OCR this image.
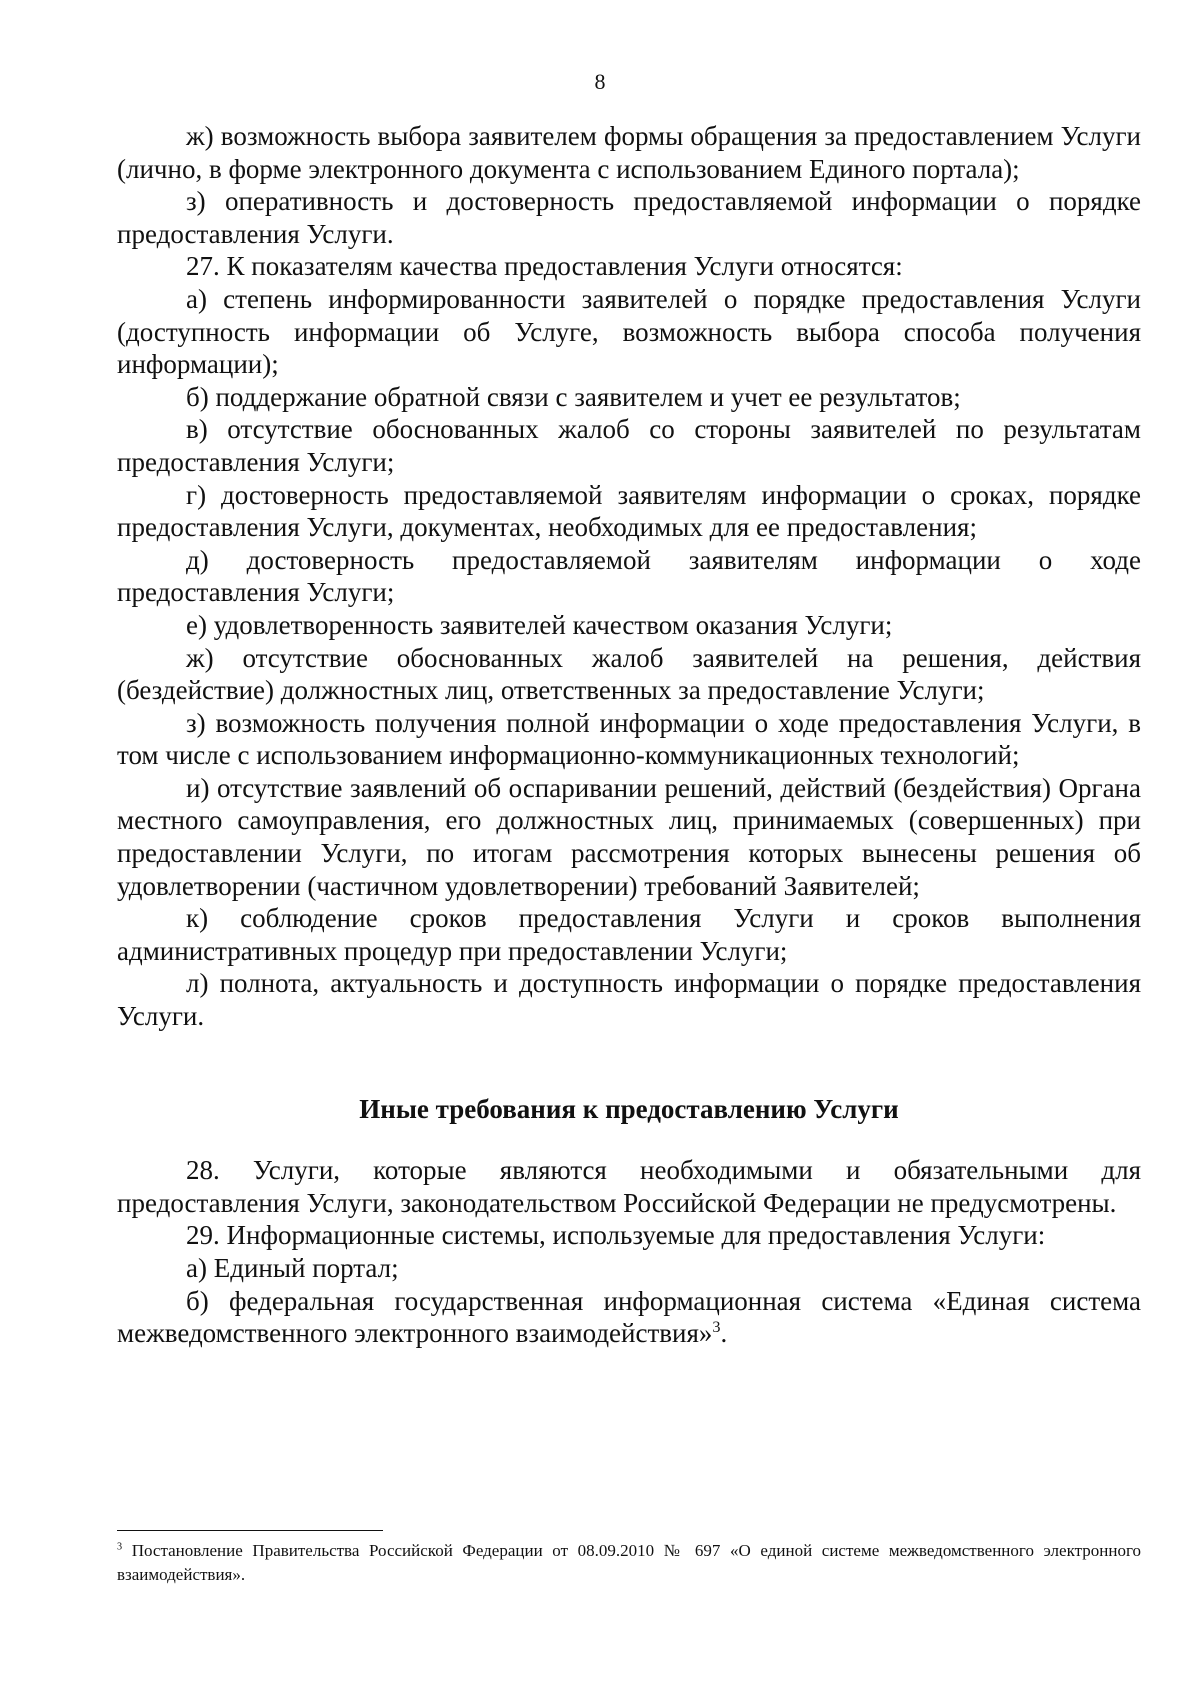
8

ж) возможность выбора заявителем формы обращения за предоставлением Услуги (лично, в форме электронного документа с использованием Единого портала);

з) оперативность и достоверность предоставляемой информации о порядке предоставления Услуги.

27. К показателям качества предоставления Услуги относятся:

а) степень информированности заявителей о порядке предоставления Услуги (доступность информации об Услуге, возможность выбора способа получения информации);

б) поддержание обратной связи с заявителем и учет ее результатов;

в) отсутствие обоснованных жалоб со стороны заявителей по результатам предоставления Услуги;

г) достоверность предоставляемой заявителям информации о сроках, порядке предоставления Услуги, документах, необходимых для ее предоставления;

д) достоверность предоставляемой заявителям информации о ходе предоставления Услуги;

е) удовлетворенность заявителей качеством оказания Услуги;

ж) отсутствие обоснованных жалоб заявителей на решения, действия (бездействие) должностных лиц, ответственных за предоставление Услуги;

з) возможность получения полной информации о ходе предоставления Услуги, в том числе с использованием информационно-коммуникационных технологий;

и) отсутствие заявлений об оспаривании решений, действий (бездействия) Органа местного самоуправления, его должностных лиц, принимаемых (совершенных) при предоставлении Услуги, по итогам рассмотрения которых вынесены решения об удовлетворении (частичном удовлетворении) требований Заявителей;

к) соблюдение сроков предоставления Услуги и сроков выполнения административных процедур при предоставлении Услуги;

л) полнота, актуальность и доступность информации о порядке предоставления Услуги.

Иные требования к предоставлению Услуги

28. Услуги, которые являются необходимыми и обязательными для предоставления Услуги, законодательством Российской Федерации не предусмотрены.

29. Информационные системы, используемые для предоставления Услуги:

а) Единый портал;

б) федеральная государственная информационная система «Единая система межведомственного электронного взаимодействия»$^3$.

$^3$ Постановление Правительства Российской Федерации от 08.09.2010 № 697 «О единой системе межведомственного электронного взаимодействия».
